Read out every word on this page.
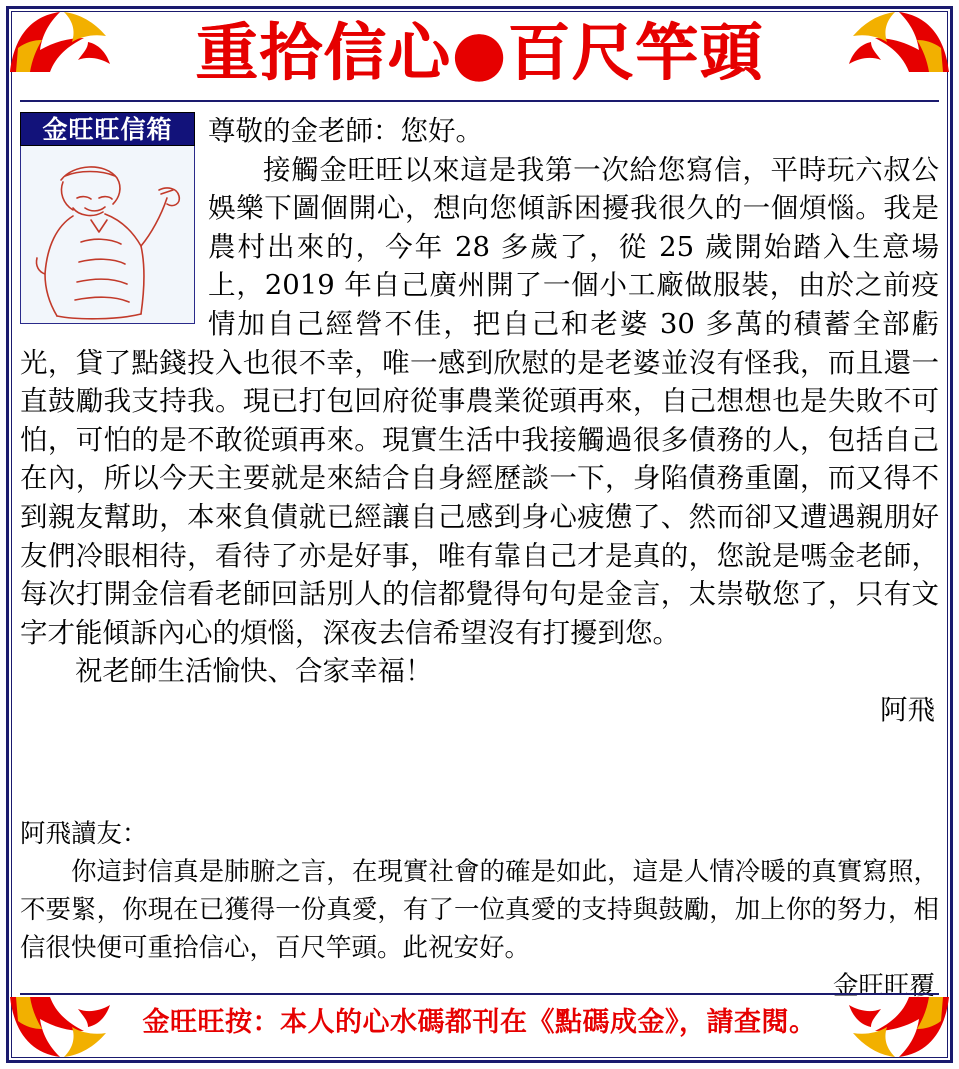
重拾信心●百尺竿頭
金旺旺信箱	尊敬的金老師：您好。

接觸金旺旺以來這是我第一次給您寫信，平時玩六叔公娛樂下圖個開心，想向您傾訴困擾我很久的一個煩惱。我是農村出來的，今年 28 多歲了，從 25 歲開始踏入生意場上，2019 年自己廣州開了一個小工廠做服裝，由於之前疫情加自己經營不佳，把自己和老婆 30 多萬的積蓄全部虧光，貸了點錢投入也很不幸，唯一感到欣慰的是老婆並沒有怪我，而且還一直鼓勵我支持我。現已打包回府從事農業從頭再來，自己想想也是失敗不可怕，可怕的是不敢從頭再來。現實生活中我接觸過很多債務的人，包括自己在內，所以今天主要就是來結合自身經歷談一下，身陷債務重圍，而又得不到親友幫助，本來負債就已經讓自己感到身心疲憊了、然而卻又遭遇親朋好友們冷眼相待，看待了亦是好事，唯有靠自己才是真的，您說是嗎金老師，每次打開金信看老師回話別人的信都覺得句句是金言，太崇敬您了，只有文字才能傾訴內心的煩惱，深夜去信希望沒有打擾到您。

祝老師生活愉快、合家幸福！

阿飛

阿飛讀友：

你這封信真是肺腑之言，在現實社會的確是如此，這是人情冷暖的真實寫照，不要緊，你現在已獲得一份真愛，有了一位真愛的支持與鼓勵，加上你的努力，相信很快便可重拾信心，百尺竿頭。此祝安好。

金旺旺覆

金旺旺按：本人的心水碼都刊在《點碼成金》，請查閱。
